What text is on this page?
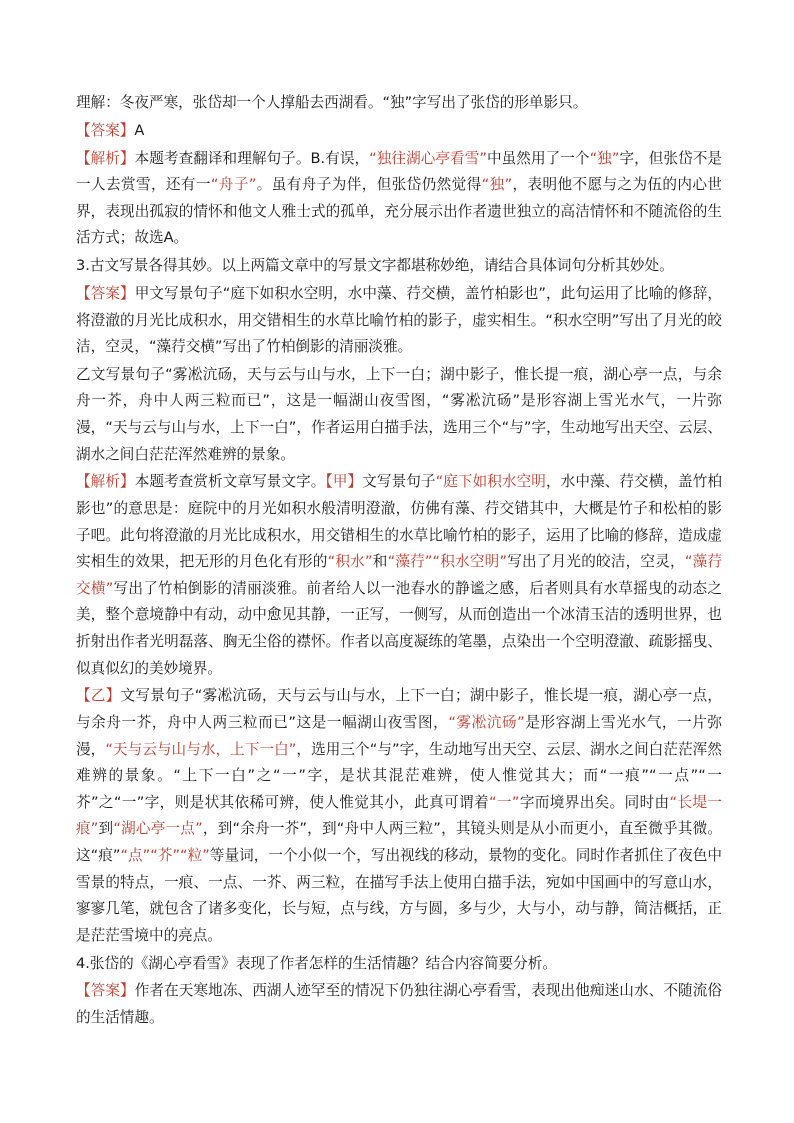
理解：冬夜严寒，张岱却一个人撑船去西湖看。“独”字写出了张岱的形单影只。

【答案】A

【解析】本题考查翻译和理解句子。B.有误，“独往湖心亭看雪”中虽然用了一个“独”字，但张岱不是一人去赏雪，还有一“舟子”。虽有舟子为伴，但张岱仍然觉得“独”，表明他不愿与之为伍的内心世界，表现出孤寂的情怀和他文人雅士式的孤单，充分展示出作者遗世独立的高洁情怀和不随流俗的生活方式；故选A。

3.古文写景各得其妙。以上两篇文章中的写景文字都堪称妙绝，请结合具体词句分析其妙处。

【答案】甲文写景句子“庭下如积水空明，水中藻、荇交横，盖竹柏影也”，此句运用了比喻的修辞，将澄澈的月光比成积水，用交错相生的水草比喻竹柏的影子，虚实相生。“积水空明”写出了月光的皎洁，空灵，“藻荇交横”写出了竹柏倒影的清丽淡雅。

乙文写景句子“雾凇沆砀，天与云与山与水，上下一白；湖中影子，惟长提一痕，湖心亭一点，与余舟一芥，舟中人两三粒而已”，这是一幅湖山夜雪图，“雾凇沆砀”是形容湖上雪光水气，一片弥漫，“天与云与山与水，上下一白”，作者运用白描手法，选用三个“与”字，生动地写出天空、云层、湖水之间白茫茫浑然难辨的景象。

【解析】本题考查赏析文章写景文字。【甲】文写景句子“庭下如积水空明，水中藻、荇交横，盖竹柏影也”的意思是：庭院中的月光如积水般清明澄澈，仿佛有藻、荇交错其中，大概是竹子和松柏的影子吧。此句将澄澈的月光比成积水，用交错相生的水草比喻竹柏的影子，运用了比喻的修辞，造成虚实相生的效果，把无形的月色化有形的“积水”和“藻荇”“积水空明”写出了月光的皎洁，空灵，“藻荇交横”写出了竹柏倒影的清丽淡雅。前者给人以一池春水的静谧之感，后者则具有水草摇曳的动态之美，整个意境静中有动，动中愈见其静，一正写，一侧写，从而创造出一个冰清玉洁的透明世界，也折射出作者光明磊落、胸无尘俗的襟怀。作者以高度凝练的笔墨，点染出一个空明澄澈、疏影摇曳、似真似幻的美妙境界。

【乙】文写景句子“雾凇沆砀，天与云与山与水，上下一白；湖中影子，惟长堤一痕，湖心亭一点，与余舟一芥，舟中人两三粒而已”这是一幅湖山夜雪图，“雾凇沆砀”是形容湖上雪光水气，一片弥漫，“天与云与山与水，上下一白”，选用三个“与”字，生动地写出天空、云层、湖水之间白茫茫浑然难辨的景象。“上下一白”之“一”字，是状其混茫难辨，使人惟觉其大；而“一痕”“一点”“一芥”之“一”字，则是状其依稀可辨，使人惟觉其小，此真可谓着“一”字而境界出矣。同时由“长堤一痕”到“湖心亭一点”，到“余舟一芥”，到“舟中人两三粒”，其镜头则是从小而更小，直至微乎其微。这“痕”“点”“芥”“粒”等量词，一个小似一个，写出视线的移动，景物的变化。同时作者抓住了夜色中雪景的特点，一痕、一点、一芥、两三粒，在描写手法上使用白描手法，宛如中国画中的写意山水，寥寥几笔，就包含了诸多变化，长与短，点与线，方与圆，多与少，大与小，动与静，简洁概括，正是茫茫雪境中的亮点。

4.张岱的《湖心亭看雪》表现了作者怎样的生活情趣？结合内容简要分析。

【答案】作者在天寒地冻、西湖人迹罕至的情况下仍独往湖心亭看雪，表现出他痴迷山水、不随流俗的生活情趣。
